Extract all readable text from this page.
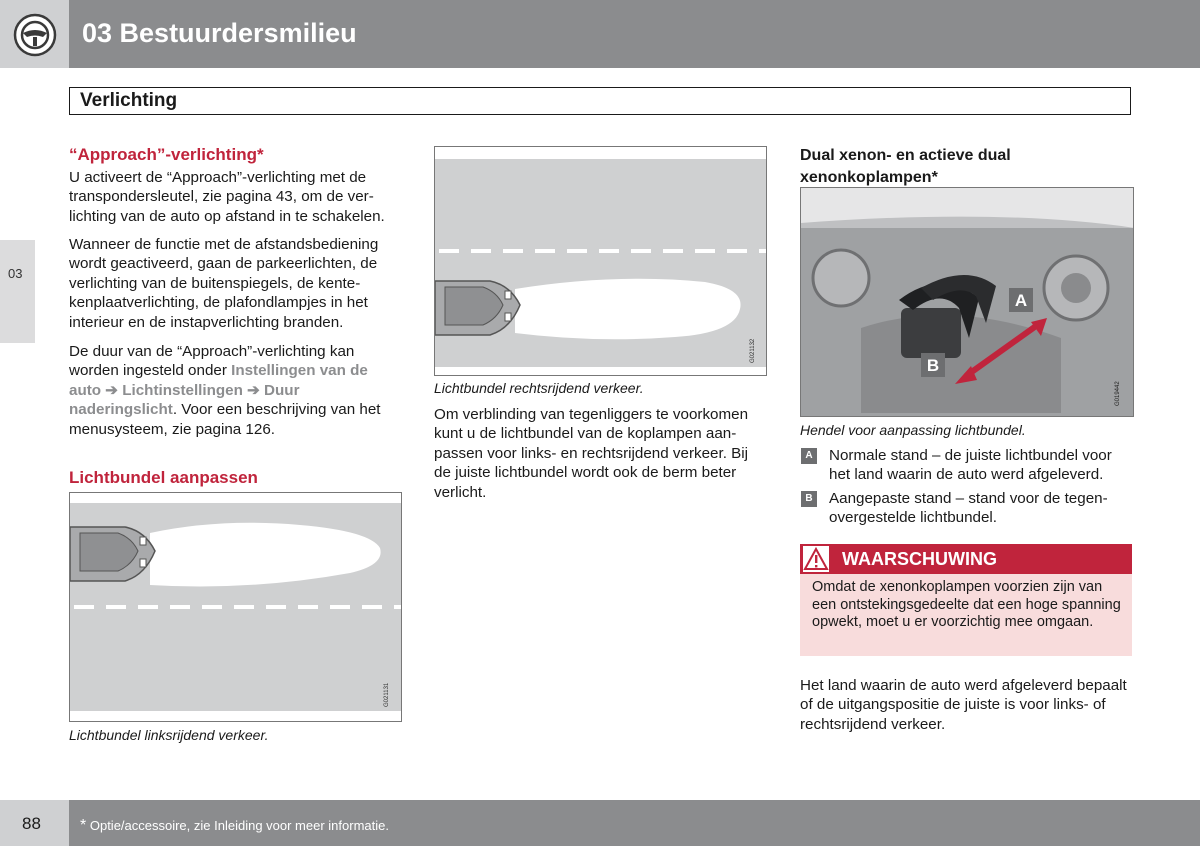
03 Bestuurdersmilieu
Verlichting
03
“Approach”-verlichting*
U activeert de “Approach”-verlichting met de transpondersleutel, zie pagina 43, om de verlichting van de auto op afstand in te schakelen.
Wanneer de functie met de afstandsbediening wordt geactiveerd, gaan de parkeerlichten, de verlichting van de buitenspiegels, de kentekenplaatverlichting, de plafondlampjes in het interieur en de instapverlichting branden.
De duur van de “Approach”-verlichting kan worden ingesteld onder Instellingen van de auto ➔ Lichtinstellingen ➔ Duur naderingslicht. Voor een beschrijving van het menusysteem, zie pagina 126.
Lichtbundel aanpassen
G021131
Lichtbundel linksrijdend verkeer.
G021132
Lichtbundel rechtsrijdend verkeer.
Om verblinding van tegenliggers te voorkomen kunt u de lichtbundel van de koplampen aanpassen voor links- en rechtsrijdend verkeer. Bij de juiste lichtbundel wordt ook de berm beter verlicht.
Dual xenon- en actieve dual xenonkoplampen*
A
B
G019442
Hendel voor aanpassing lichtbundel.
A Normale stand – de juiste lichtbundel voor het land waarin de auto werd afgeleverd.
B Aangepaste stand – stand voor de tegenovergestelde lichtbundel.
WAARSCHUWING
Omdat de xenonkoplampen voorzien zijn van een ontstekingsgedeelte dat een hoge spanning opwekt, moet u er voorzichtig mee omgaan.
Het land waarin de auto werd afgeleverd bepaalt of de uitgangspositie de juiste is voor links- of rechtsrijdend verkeer.
88 * Optie/accessoire, zie Inleiding voor meer informatie.
